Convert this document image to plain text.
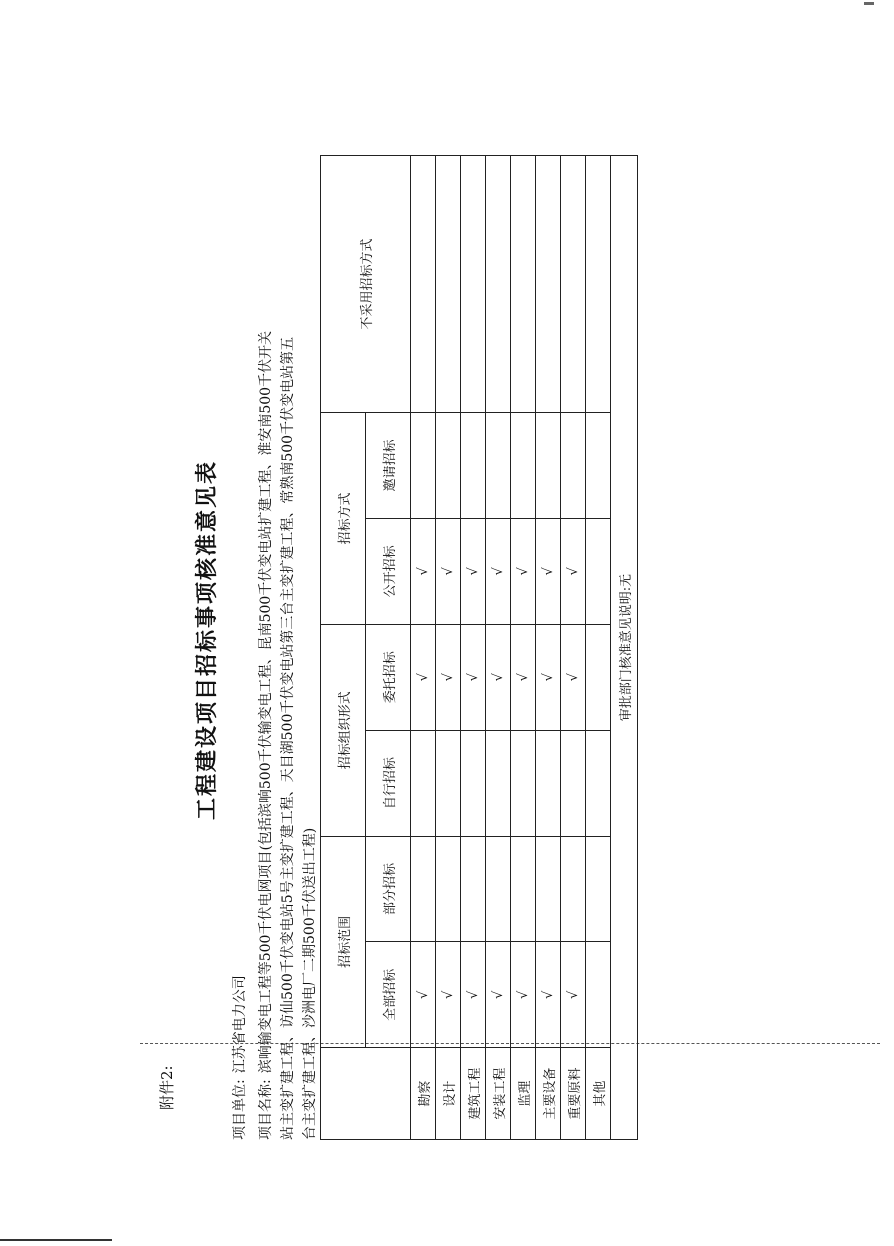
附件2:
工程建设项目招标事项核准意见表
项目单位:江苏省电力公司
项目名称:滨响输变电工程等500千伏电网项目(包括滨响500千伏输变电工程、昆南500千伏变电站扩建工程、淮安南500千伏开关 站主变扩建工程、访仙500千伏变电站5号主变扩建工程、天目湖500千伏变电站第三台主变扩建工程、常熟南500千伏变电站第五 台主变扩建工程、沙洲电厂二期500千伏送出工程)
	招标范围		招标组织形式		招标方式		不采用招标方式
	全部招标	部分招标	自行招标	委托招标	公开招标	邀请招标	
勘察	√			√	√		
设计	√			√	√		
建筑工程	√			√	√		
安装工程	√			√	√		
监理	√			√	√		
主要设备	√			√	√		
重要原料	√			√	√		
其他							
审批部门核准意见说明:无							
